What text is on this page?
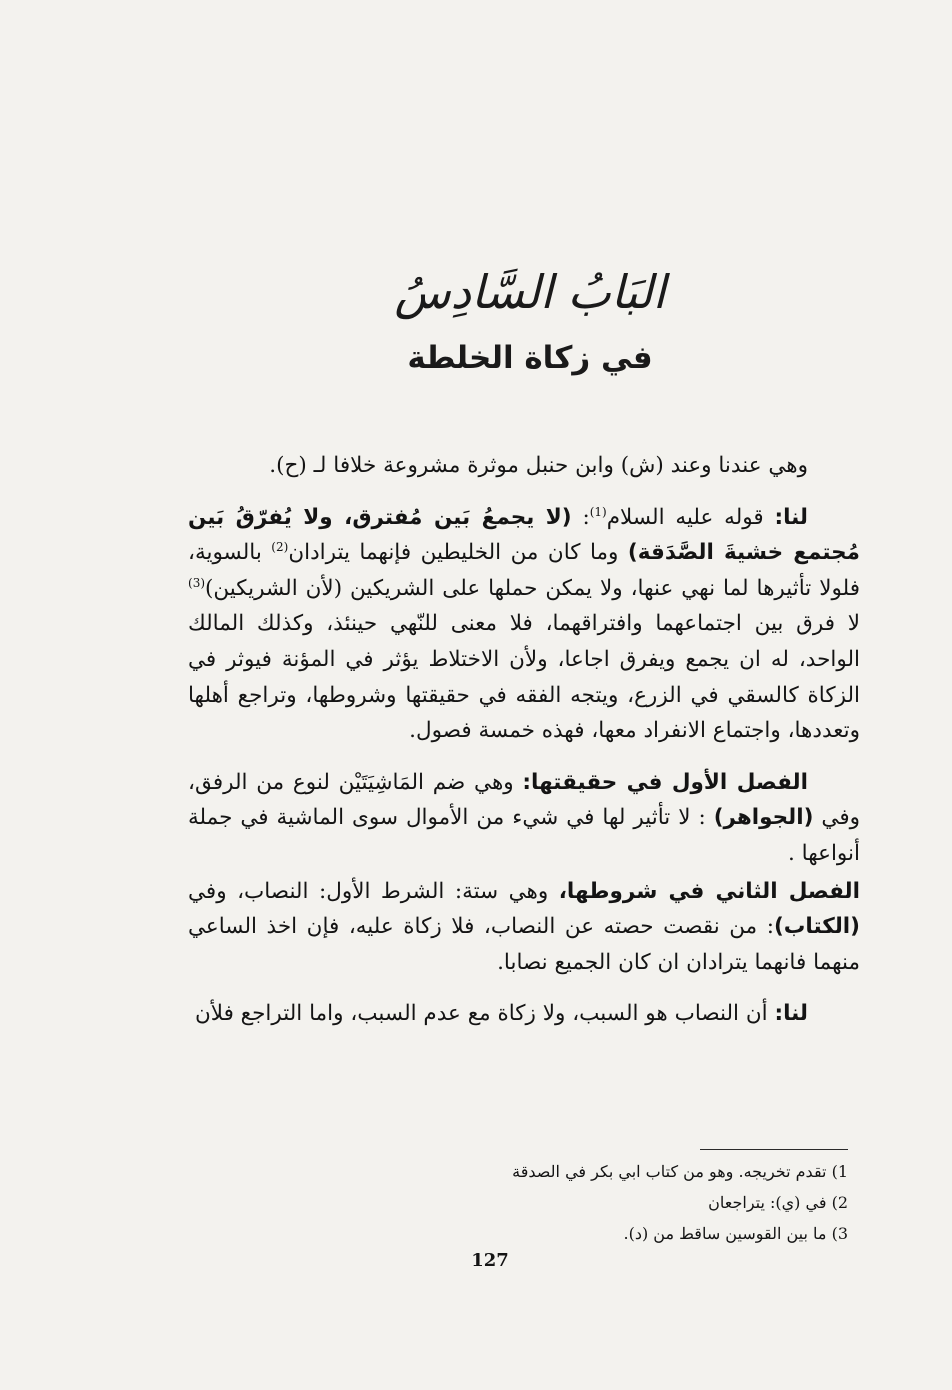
البَابُ السَّادِسُ
في زكاة الخلطة

وهي عندنا وعند (ش) وابن حنبل موثرة مشروعة خلافا لـ (ح).

لنا: قوله عليه السلام$^{(1)}$: (لا يجمعُ بَين مُفترق، ولا يُفرّقُ بَين مُجتمع خشيةَ الصَّدَقة) وما كان من الخليطين فإنهما يترادان$^{(2)}$ بالسوية، فلولا تأثيرها لما نهي عنها، ولا يمكن حملها على الشريكين (لأن الشريكين)$^{(3)}$ لا فرق بين اجتماعهما وافتراقهما، فلا معنى للنّهي حينئذ، وكذلك المالك الواحد، له ان يجمع ويفرق اجاعا، ولأن الاختلاط يؤثر في المؤنة فيوثر في الزكاة كالسقي في الزرع، ويتجه الفقه في حقيقتها وشروطها، وتراجع أهلها وتعددها، واجتماع الانفراد معها، فهذه خمسة فصول.

الفصل الأول في حقيقتها: وهي ضم المَاشِيَتَيْن لنوع من الرفق، وفي (الجواهر) : لا تأثير لها في شيء من الأموال سوى الماشية في جملة أنواعها .

الفصل الثاني في شروطها، وهي ستة: الشرط الأول: النصاب، وفي (الكتاب): من نقصت حصته عن النصاب، فلا زكاة عليه، فإن اخذ الساعي منهما فانهما يترادان ان كان الجميع نصابا.

لنا: أن النصاب هو السبب، ولا زكاة مع عدم السبب، واما التراجع فلأن

1) تقدم تخريجه. وهو من كتاب ابي بكر في الصدقة
2) في (ي): يتراجعان
3) ما بين القوسين ساقط من (د).
127
